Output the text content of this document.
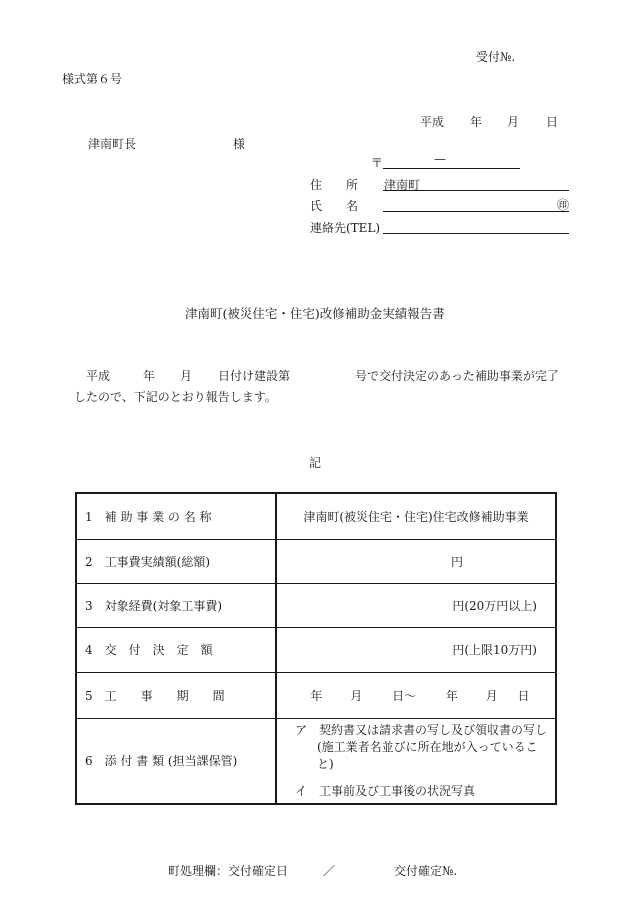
受付№.
様式第６号
平成 年 月 日
津南町長	様
〒	—
住　　所 津南町
氏　　名	㊞
連絡先(TEL)
津南町(被災住宅・住宅)改修補助金実績報告書
平成	年 月 日付け建設第	号で交付決定のあった補助事業が完了
したので、下記のとおり報告します。
記
1　補 助 事 業 の 名 称	津南町(被災住宅・住宅)住宅改修補助事業
2　工事費実績額(総額)	円
3　対象経費(対象工事費)	円(20万円以上)
4　交　付　決　定　額	円(上限10万円)
5　工　　事　　期　　間	年 月 日～ 年 月 日
6　添 付 書 類 (担当課保管)	ア　契約書又は請求書の写し及び領収書の写し
(施工業者名並びに所在地が入っていること)
イ　工事前及び工事後の状況写真
町処理欄：交付確定日	／	交付確定№.
